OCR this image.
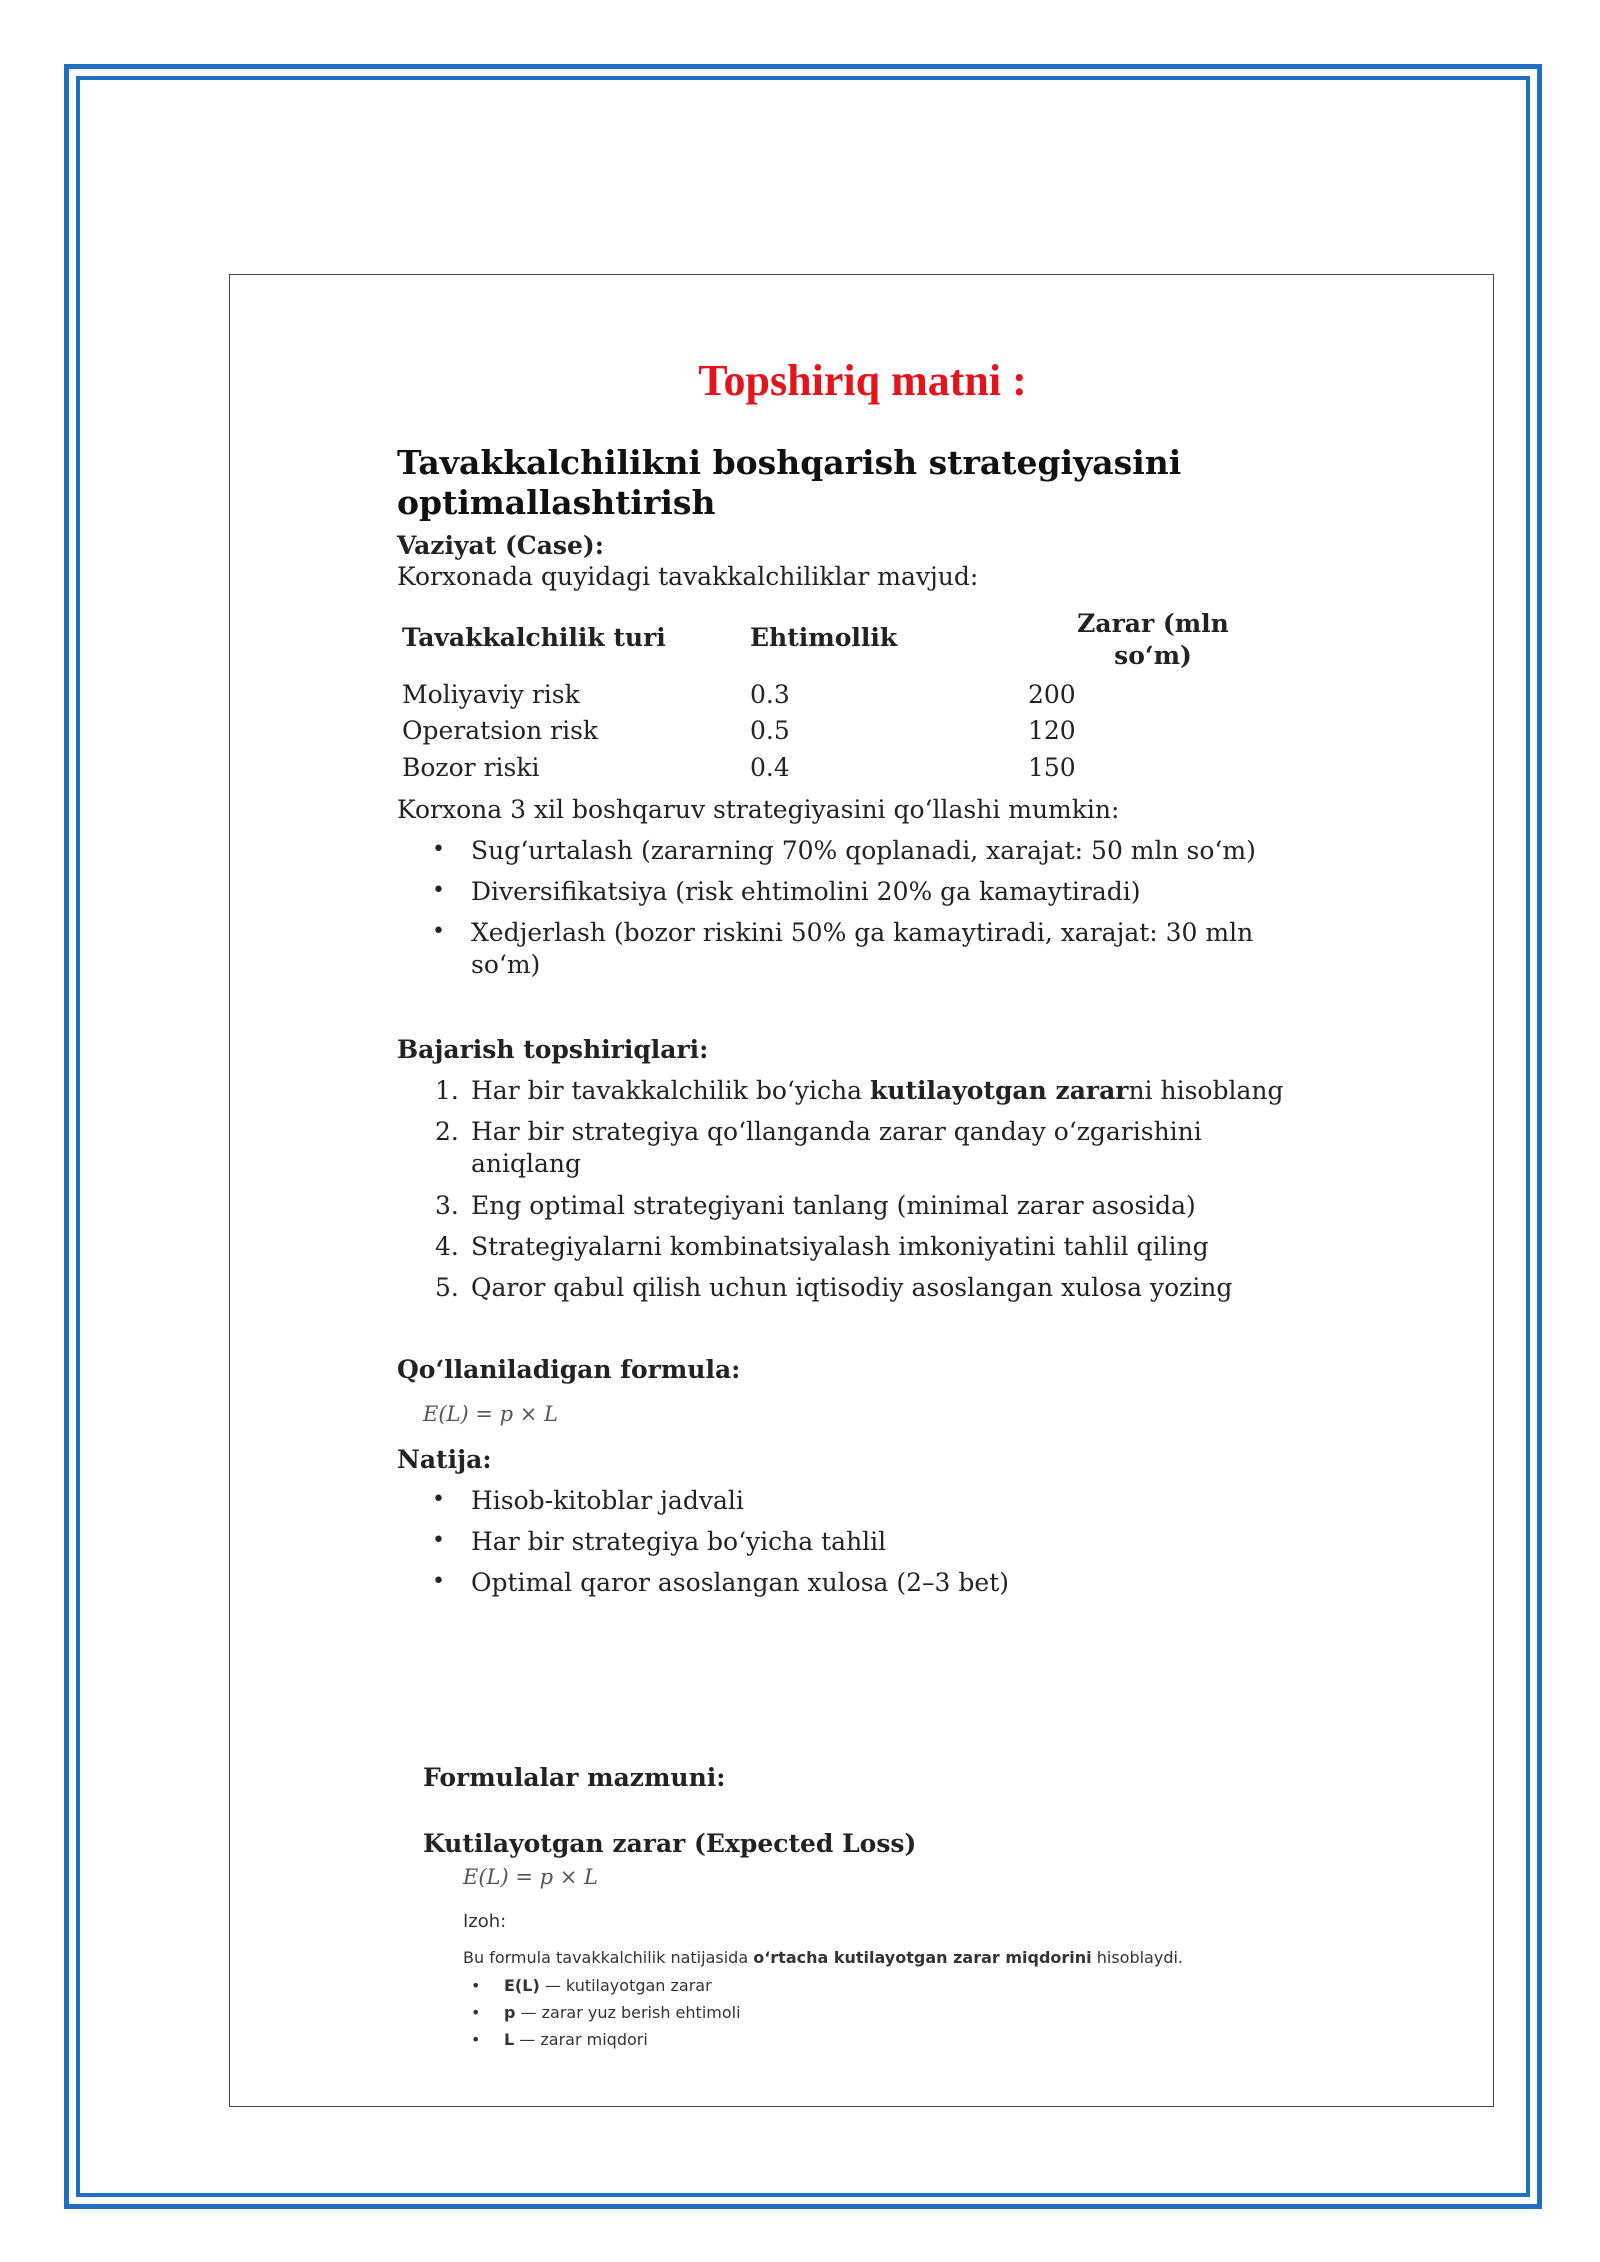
Topshiriq matni :
Tavakkalchilikni boshqarish strategiyasini
optimallashtirish
Vaziyat (Case):
Korxonada quyidagi tavakkalchiliklar mavjud:
Tavakkalchilik turi	Ehtimollik	Zarar (mln
so‘m)
Moliyaviy risk	0.3	200
Operatsion risk	0.5	120
Bozor riski	0.4	150
Korxona 3 xil boshqaruv strategiyasini qo‘llashi mumkin:
• Sug‘urtalash (zararning 70% qoplanadi, xarajat: 50 mln so‘m)
• Diversifikatsiya (risk ehtimolini 20% ga kamaytiradi)
• Xedjerlash (bozor riskini 50% ga kamaytiradi, xarajat: 30 mln
so‘m)
Bajarish topshiriqlari:
1. Har bir tavakkalchilik bo‘yicha kutilayotgan zararni hisoblang
2. Har bir strategiya qo‘llanganda zarar qanday o‘zgarishini
aniqlang
3. Eng optimal strategiyani tanlang (minimal zarar asosida)
4. Strategiyalarni kombinatsiyalash imkoniyatini tahlil qiling
5. Qaror qabul qilish uchun iqtisodiy asoslangan xulosa yozing
Qo‘llaniladigan formula:
E(L) = p × L
Natija:
• Hisob-kitoblar jadvali
• Har bir strategiya bo‘yicha tahlil
• Optimal qaror asoslangan xulosa (2–3 bet)
Formulalar mazmuni:
Kutilayotgan zarar (Expected Loss)
E(L) = p × L
Izoh:
Bu formula tavakkalchilik natijasida o‘rtacha kutilayotgan zarar miqdorini hisoblaydi.
• E(L) — kutilayotgan zarar
• p — zarar yuz berish ehtimoli
• L — zarar miqdori
